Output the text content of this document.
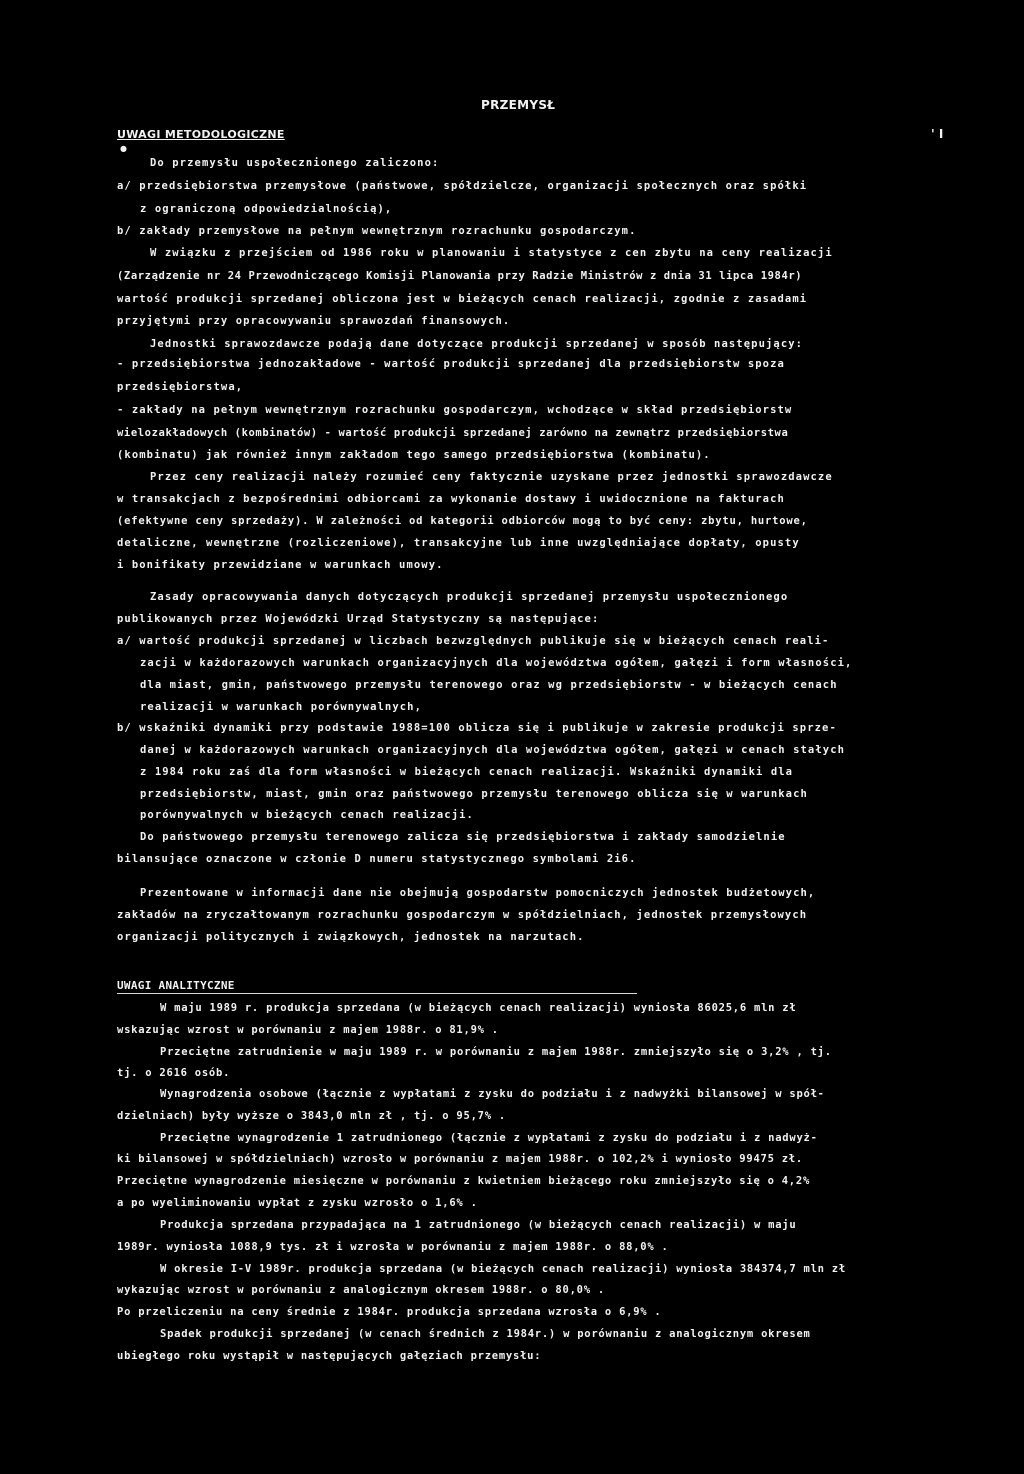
PRZEMYSŁ
UWAGI METODOLOGICZNE	' I
●
Do przemysłu uspołecznionego zaliczono:
a/ przedsiębiorstwa przemysłowe (państwowe, spółdzielcze, organizacji społecznych oraz spółki
z ograniczoną odpowiedzialnością),
b/ zakłady przemysłowe na pełnym wewnętrznym rozrachunku gospodarczym.
W związku z przejściem od 1986 roku w planowaniu i statystyce z cen zbytu na ceny realizacji
(Zarządzenie nr 24 Przewodniczącego Komisji Planowania przy Radzie Ministrów z dnia 31 lipca 1984r)
wartość produkcji sprzedanej obliczona jest w bieżących cenach realizacji, zgodnie z zasadami
przyjętymi przy opracowywaniu sprawozdań finansowych.
Jednostki sprawozdawcze podają dane dotyczące produkcji sprzedanej w sposób następujący:
- przedsiębiorstwa jednozakładowe - wartość produkcji sprzedanej dla przedsiębiorstw spoza
przedsiębiorstwa,
- zakłady na pełnym wewnętrznym rozrachunku gospodarczym, wchodzące w skład przedsiębiorstw
wielozakładowych (kombinatów) - wartość produkcji sprzedanej zarówno na zewnątrz przedsiębiorstwa
(kombinatu) jak również innym zakładom tego samego przedsiębiorstwa (kombinatu).
Przez ceny realizacji należy rozumieć ceny faktycznie uzyskane przez jednostki sprawozdawcze
w transakcjach z bezpośrednimi odbiorcami za wykonanie dostawy i uwidocznione na fakturach
(efektywne ceny sprzedaży). W zależności od kategorii odbiorców mogą to być ceny: zbytu, hurtowe,
detaliczne, wewnętrzne (rozliczeniowe), transakcyjne lub inne uwzględniające dopłaty, opusty
i bonifikaty przewidziane w warunkach umowy.
Zasady opracowywania danych dotyczących produkcji sprzedanej przemysłu uspołecznionego
publikowanych przez Wojewódzki Urząd Statystyczny są następujące:
a/ wartość produkcji sprzedanej w liczbach bezwzględnych publikuje się w bieżących cenach reali-
zacji w każdorazowych warunkach organizacyjnych dla województwa ogółem, gałęzi i form własności,
dla miast, gmin, państwowego przemysłu terenowego oraz wg przedsiębiorstw - w bieżących cenach
realizacji w warunkach porównywalnych,
b/ wskaźniki dynamiki przy podstawie 1988=100 oblicza się i publikuje w zakresie produkcji sprze-
danej w każdorazowych warunkach organizacyjnych dla województwa ogółem, gałęzi w cenach stałych
z 1984 roku zaś dla form własności w bieżących cenach realizacji. Wskaźniki dynamiki dla
przedsiębiorstw, miast, gmin oraz państwowego przemysłu terenowego oblicza się w warunkach
porównywalnych w bieżących cenach realizacji.
Do państwowego przemysłu terenowego zalicza się przedsiębiorstwa i zakłady samodzielnie
bilansujące oznaczone w członie D numeru statystycznego symbolami 2i6.
Prezentowane w informacji dane nie obejmują gospodarstw pomocniczych jednostek budżetowych,
zakładów na zryczałtowanym rozrachunku gospodarczym w spółdzielniach, jednostek przemysłowych
organizacji politycznych i związkowych, jednostek na narzutach.
UWAGI ANALITYCZNE
W maju 1989 r. produkcja sprzedana (w bieżących cenach realizacji) wyniosła 86025,6 mln zł
wskazując wzrost w porównaniu z majem 1988r. o 81,9% .
Przeciętne zatrudnienie w maju 1989 r. w porównaniu z majem 1988r. zmniejszyło się o 3,2% , tj.
tj. o 2616 osób.
Wynagrodzenia osobowe (łącznie z wypłatami z zysku do podziału i z nadwyżki bilansowej w spół-
dzielniach) były wyższe o 3843,0 mln zł , tj. o 95,7% .
Przeciętne wynagrodzenie 1 zatrudnionego (łącznie z wypłatami z zysku do podziału i z nadwyż-
ki bilansowej w spółdzielniach) wzrosło w porównaniu z majem 1988r. o 102,2% i wyniosło 99475 zł.
Przeciętne wynagrodzenie miesięczne w porównaniu z kwietniem bieżącego roku zmniejszyło się o 4,2%
a po wyeliminowaniu wypłat z zysku wzrosło o 1,6% .
Produkcja sprzedana przypadająca na 1 zatrudnionego (w bieżących cenach realizacji) w maju
1989r. wyniosła 1088,9 tys. zł i wzrosła w porównaniu z majem 1988r. o 88,0% .
W okresie I-V 1989r. produkcja sprzedana (w bieżących cenach realizacji) wyniosła 384374,7 mln zł
wykazując wzrost w porównaniu z analogicznym okresem 1988r. o 80,0% .
Po przeliczeniu na ceny średnie z 1984r. produkcja sprzedana wzrosła o 6,9% .
Spadek produkcji sprzedanej (w cenach średnich z 1984r.) w porównaniu z analogicznym okresem
ubiegłego roku wystąpił w następujących gałęziach przemysłu:
